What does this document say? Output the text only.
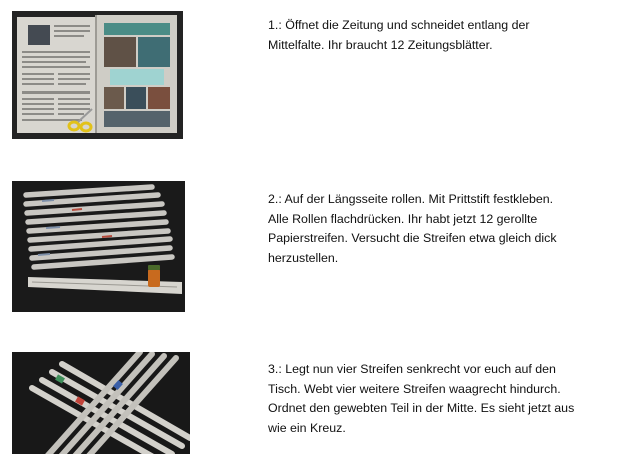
1.: Öffnet die Zeitung und schneidet entlang der
Mittelfalte. Ihr braucht 12 Zeitungsblätter.
2.: Auf der Längsseite rollen. Mit Prittstift festkleben.
Alle Rollen flachdrücken. Ihr habt jetzt 12 gerollte
Papierstreifen. Versucht die Streifen etwa gleich dick
herzustellen.
3.: Legt nun vier Streifen senkrecht vor euch auf den
Tisch. Webt vier weitere Streifen waagrecht hindurch.
Ordnet den gewebten Teil in der Mitte. Es sieht jetzt aus
wie ein Kreuz.
